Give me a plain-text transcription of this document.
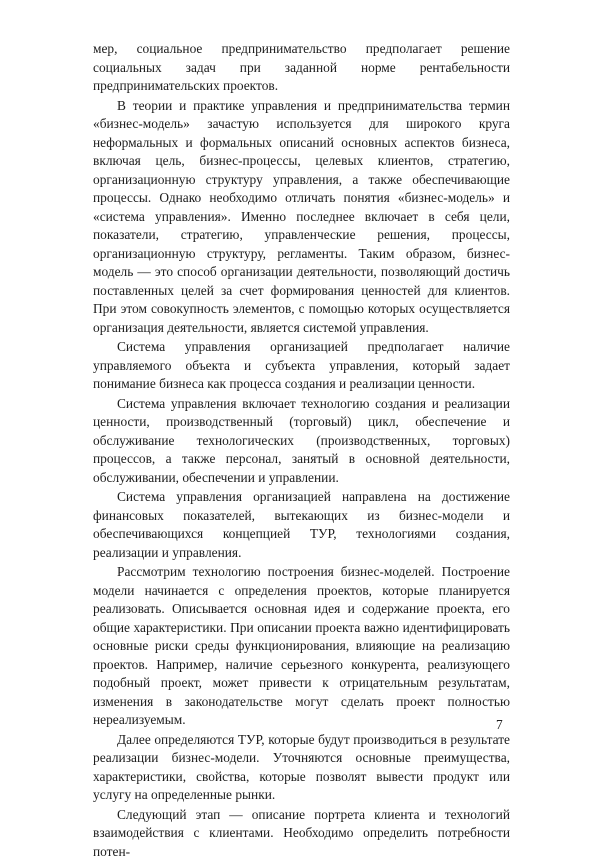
мер, социальное предпринимательство предполагает решение социальных задач при заданной норме рентабельности предпринимательских проектов.

В теории и практике управления и предпринимательства термин «бизнес-модель» зачастую используется для широкого круга неформальных и формальных описаний основных аспектов бизнеса, включая цель, бизнес-процессы, целевых клиентов, стратегию, организационную структуру управления, а также обеспечивающие процессы. Однако необходимо отличать понятия «бизнес-модель» и «система управления». Именно последнее включает в себя цели, показатели, стратегию, управленческие решения, процессы, организационную структуру, регламенты. Таким образом, бизнес-модель — это способ организации деятельности, позволяющий достичь поставленных целей за счет формирования ценностей для клиентов. При этом совокупность элементов, с помощью которых осуществляется организация деятельности, является системой управления.

Система управления организацией предполагает наличие управляемого объекта и субъекта управления, который задает понимание бизнеса как процесса создания и реализации ценности.

Система управления включает технологию создания и реализации ценности, производственный (торговый) цикл, обеспечение и обслуживание технологических (производственных, торговых) процессов, а также персонал, занятый в основной деятельности, обслуживании, обеспечении и управлении.

Система управления организацией направлена на достижение финансовых показателей, вытекающих из бизнес-модели и обеспечивающихся концепцией ТУР, технологиями создания, реализации и управления.

Рассмотрим технологию построения бизнес-моделей. Построение модели начинается с определения проектов, которые планируется реализовать. Описывается основная идея и содержание проекта, его общие характеристики. При описании проекта важно идентифицировать основные риски среды функционирования, влияющие на реализацию проектов. Например, наличие серьезного конкурента, реализующего подобный проект, может привести к отрицательным результатам, изменения в законодательстве могут сделать проект полностью нереализуемым.

Далее определяются ТУР, которые будут производиться в результате реализации бизнес-модели. Уточняются основные преимущества, характеристики, свойства, которые позволят вывести продукт или услугу на определенные рынки.

Следующий этап — описание портрета клиента и технологий взаимодействия с клиентами. Необходимо определить потребности потен-

7
